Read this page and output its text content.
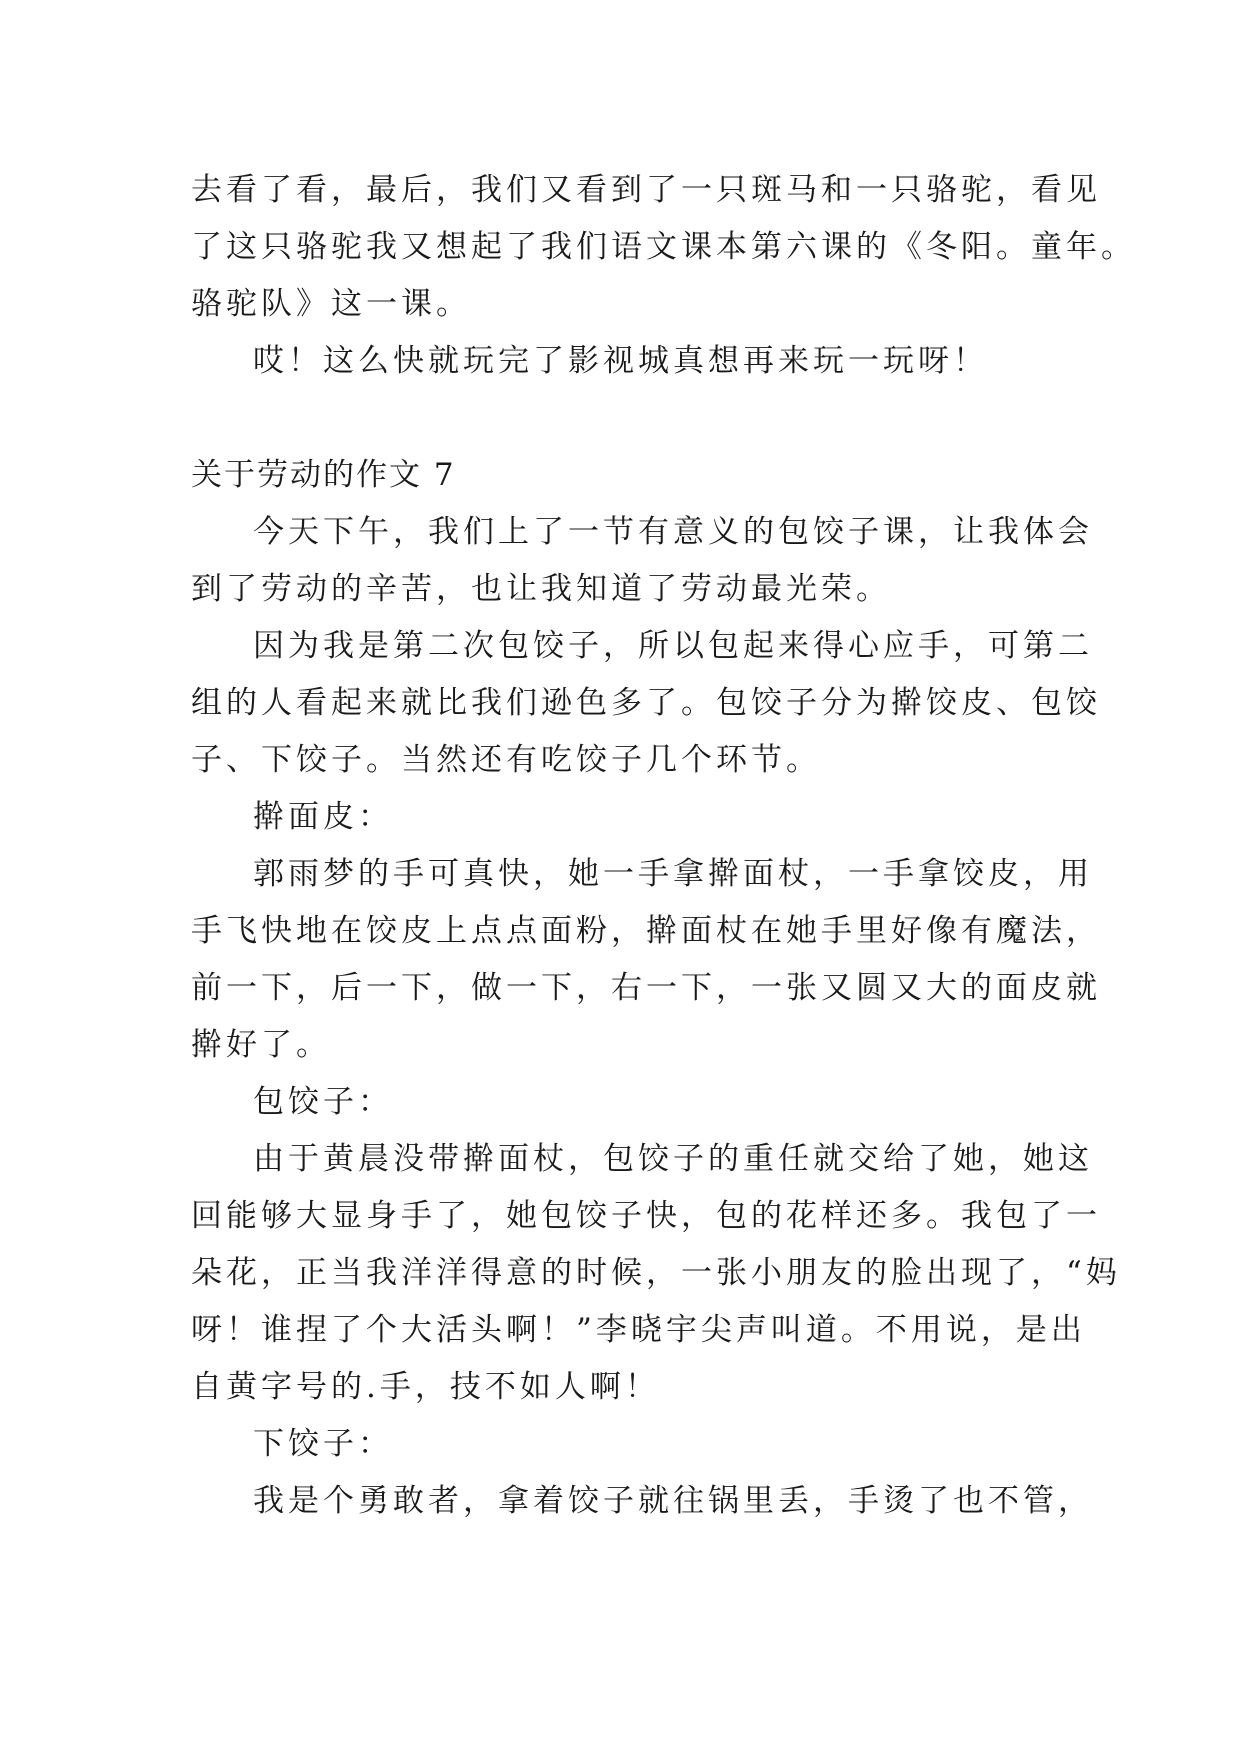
去看了看，最后，我们又看到了一只斑马和一只骆驼，看见
了这只骆驼我又想起了我们语文课本第六课的《冬阳。童年。
骆驼队》这一课。
哎！这么快就玩完了影视城真想再来玩一玩呀！
关于劳动的作文 7
今天下午，我们上了一节有意义的包饺子课，让我体会
到了劳动的辛苦，也让我知道了劳动最光荣。
因为我是第二次包饺子，所以包起来得心应手，可第二
组的人看起来就比我们逊色多了。包饺子分为擀饺皮、包饺
子、下饺子。当然还有吃饺子几个环节。
擀面皮：
郭雨梦的手可真快，她一手拿擀面杖，一手拿饺皮，用
手飞快地在饺皮上点点面粉，擀面杖在她手里好像有魔法，
前一下，后一下，做一下，右一下，一张又圆又大的面皮就
擀好了。
包饺子：
由于黄晨没带擀面杖，包饺子的重任就交给了她，她这
回能够大显身手了，她包饺子快，包的花样还多。我包了一
朵花，正当我洋洋得意的时候，一张小朋友的脸出现了，“妈
呀！谁捏了个大活头啊！”李晓宇尖声叫道。不用说，是出
自黄字号的.手，技不如人啊！
下饺子：
我是个勇敢者，拿着饺子就往锅里丢，手烫了也不管，
